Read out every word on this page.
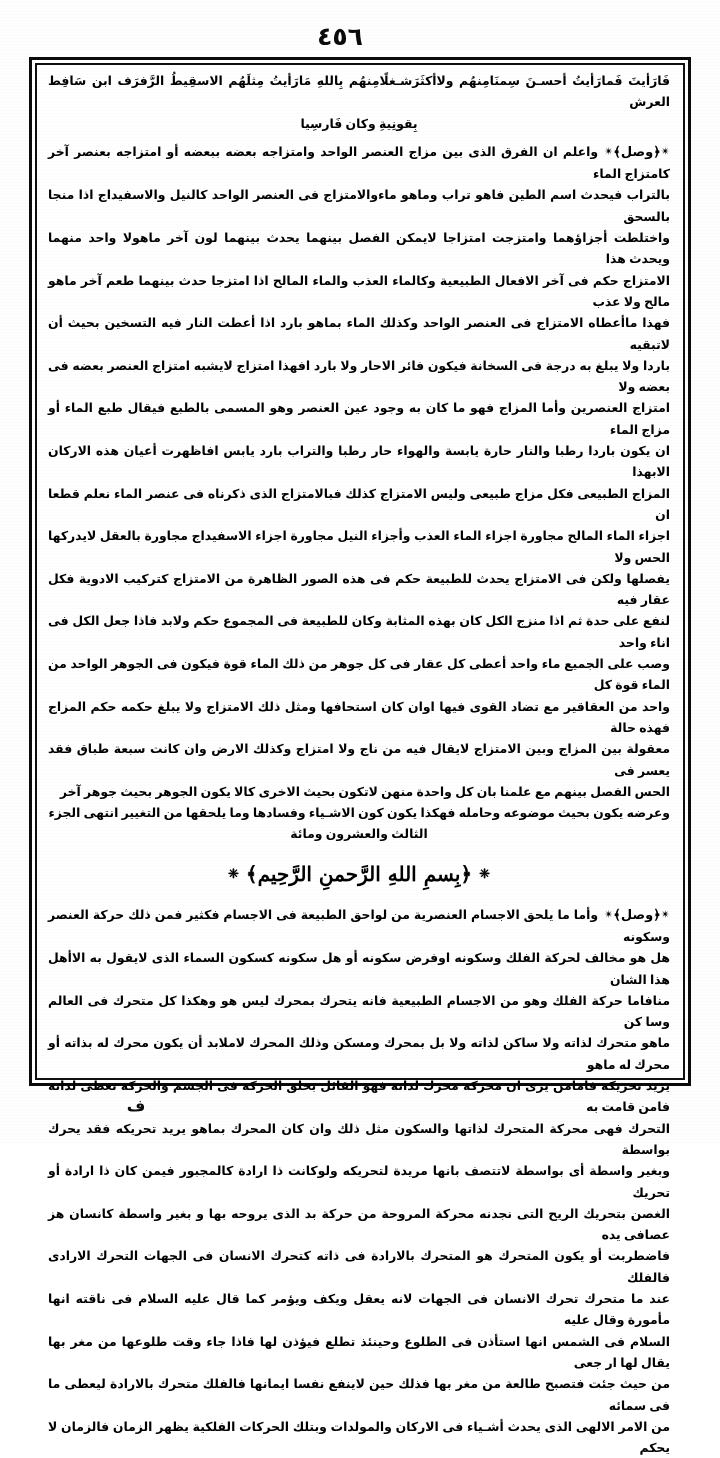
٤٥٦
فَارَأيتَ فَمارَأيتُ أحسـنَ سِمنَامِنهُم ولاأكثَرَشـغلًامِنهُم بِاللهِ مَارَأيتُ مِثلَهُم الاسقِيطُ الرَّفرَف ابن سَافِط العرش
بِقونِيةِ وكان فَارسِيا
✴﴿وصل﴾✴واعلم ان الفرق الذى بين مزاج العنصر الواحد وامتزاجه بعضه ببعضه أو امتزاجه بعنصر آخر كامتزاج الماء
بالتراب فيحدث اسم الطين فاهو تراب وماهو ماءوالامتزاج فى العنصر الواحد كالنيل والاسفيداج اذا منجا بالسحق
واختلطت أجزاؤهما وامتزجت امتزاجا لايمكن الفصل بينهما يحدث بينهما لون آخر ماهولا واحد منهما ويحدث هذا
الامتزاج حكم فى آخر الافعال الطبيعية وكالماء العذب والماء المالح اذا امتزجا حدث بينهما طعم آخر ماهو مالح ولا عذب
فهذا ماأعطاه الامتزاج فى العنصر الواحد وكذلك الماء بماهو بارد اذا أعطت النار فيه التسخين بحيث أن لاتبقيه
باردا ولا يبلغ به درجة فى السخانة فيكون فائر الاحار ولا بارد افهذا امتزاج لايشبه امتزاج العنصر بعضه فى بعضه ولا
امتزاج العنصرين وأما المزاج فهو ما كان به وجود عين العنصر وهو المسمى بالطبع فيقال طبع الماء أو مزاج الماء
ان يكون باردا رطبا والنار حارة يابسة والهواء حار رطبا والتراب بارد يابس افاظهرت أعيان هذه الاركان الابهذا
المزاج الطبيعى فكل مزاج طبيعى وليس الامتزاج كذلك فبالامتزاج الذى ذكرناه فى عنصر الماء نعلم قطعا ان
اجزاء الماء المالح مجاورة اجزاء الماء العذب وأجزاء النيل مجاورة اجزاء الاسفيداج مجاورة بالعقل لايدركها الحس ولا
يفصلها ولكن فى الامتزاج يحدث للطبيعة حكم فى هذه الصور الظاهرة من الامتزاج كتركيب الادوية فكل عقار فيه
لنفع على حدة ثم اذا منزج الكل كان بهذه المثابة وكان للطبيعة فى المجموع حكم ولابد فاذا جعل الكل فى اناء واحد
وصب على الجميع ماء واحد أعطى كل عقار فى كل جوهر من ذلك الماء قوة فيكون فى الجوهر الواحد من الماء قوة كل
واحد من العقاقير مع تضاد القوى فيها اوان كان استحافها ومثل ذلك الامتزاج ولا يبلغ حكمه حكم المزاج فهذه حالة
معقولة بين المزاج وبين الامتزاج لايقال فيه من ناج ولا امتزاج وكذلك الارض وان كانت سبعة طباق فقد يعسر فى
الحس الفصل بينهم مع علمنا بان كل واحدة منهن لاتكون بحيث الاخرى كالا يكون الجوهر بحيث جوهر آخر
وعرضه يكون بحيث موضوعه وحامله فهكذا يكون كون الاشـياء وفسادها وما يلحقها من التغيير انتهى الجزء
الثالث والعشرون ومائة
❈﴿بِسمِ اللهِ الرَّحمنِ الرَّحِيم﴾❈
✴﴿وصل﴾✴وأما ما يلحق الاجسام العنصرية من لواحق الطبيعة فى الاجسام فكثير فمن ذلك حركة العنصر وسكونه
هل هو مخالف لحركة الفلك وسكونه اوفرض سكونه أو هل سكونه كسكون السماء الذى لايقول به الاأهل هذا الشان
منافاما حركة الفلك وهو من الاجسام الطبيعية فانه يتحرك بمحرك ليس هو وهكذا كل متحرك فى العالم وسا كن
ماهو متحرك لذاته ولا ساكن لذاته ولا بل بمحرك ومسكن وذلك المحرك لاملابد أن يكون محرك له بذاته أو محرك له ماهو
يريد تحريكه فامامن يرى ان محركه محرك لذاته فهو القائل بخلق الحركة فى الجسم والحركة تعطى لذاته فامن قامت به
التحرك فهى محركة المتحرك لذاتها والسكون مثل ذلك وان كان المحرك بماهو يريد تحريكه فقد يحرك بواسطة
وبغير واسطة أى بواسطة لاتتصف بانها مريدة لتحريكه ولوكانت ذا ارادة كالمجبور فيمن كان ذا ارادة أو تحريك
الغصن بتحريك الريح التى نجدنه محركة المروحة من حركة بد الذى يروحه بها و بغير واسطة كانسان هز عصافى يده
فاضطربت أو يكون المتحرك هو المتحرك بالارادة فى ذاته كتحرك الانسان فى الجهات التحرك الارادى فالفلك
عند ما متحرك تحرك الانسان فى الجهات لانه يعقل ويكف ويؤمر كما قال عليه السلام فى ناقته انها مأمورة وقال عليه
السلام فى الشمس انها استأذن فى الطلوع وحينئذ تطلع فيؤذن لها فاذا جاء وقت طلوعها من مغر بها يقال لها ار جعى
من حيث جئت فتصبح طالعة من مغر بها فذلك حين لاينفع نفسا ايمانها فالفلك متحرك بالارادة ليعطى ما فى سمائه
من الامر الالهى الذى يحدث أشـياء فى الاركان والمولدات وبتلك الحركات الفلكية يظهر الزمان فالزمان لا يحكم
ف
